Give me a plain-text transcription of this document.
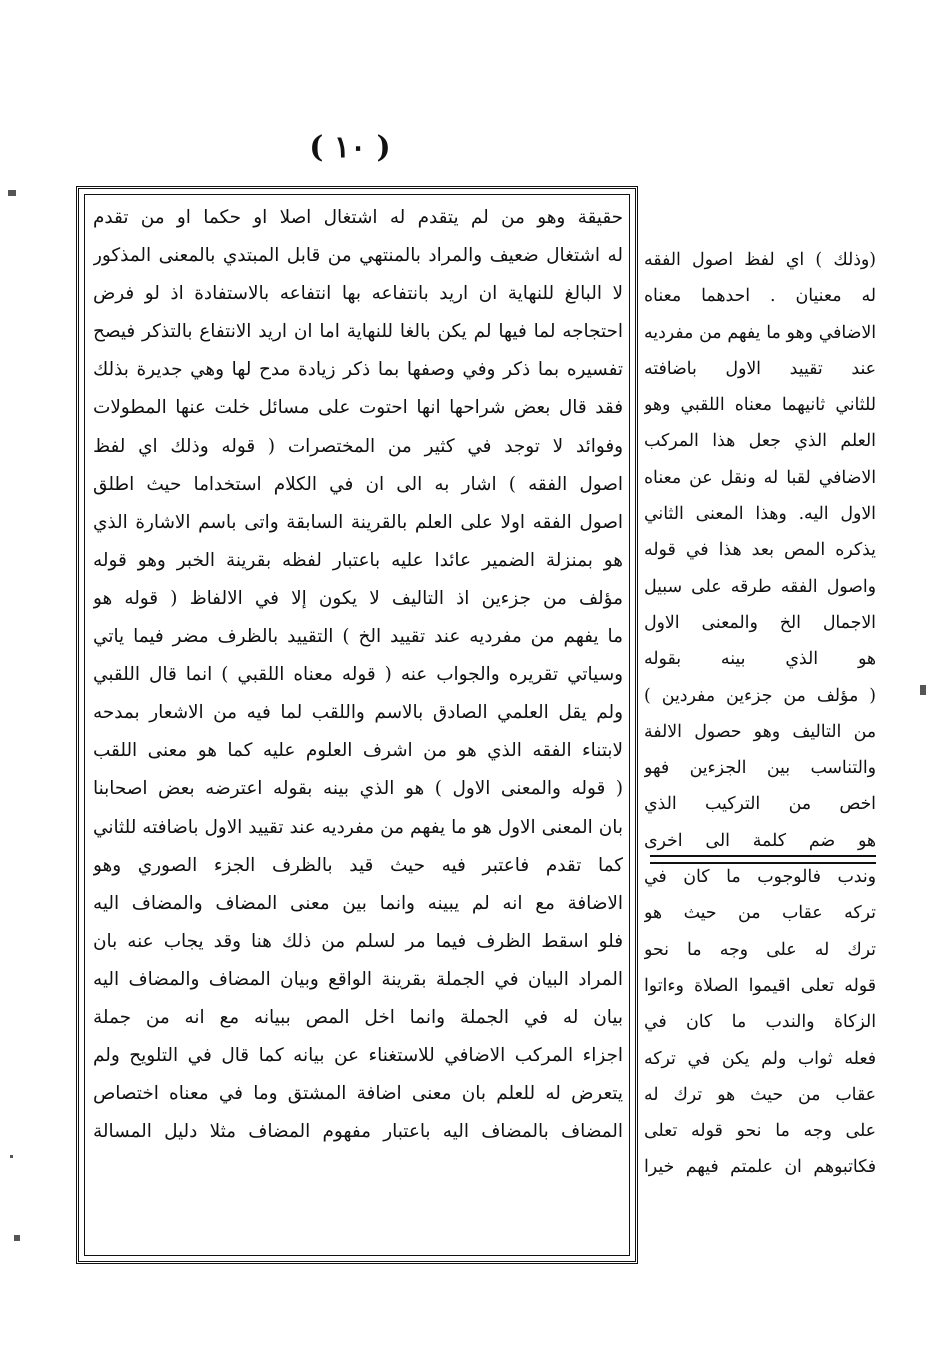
( ١٠ )
حقيقة وهو من لم يتقدم له اشتغال اصلا او حكما او من تقدم
له اشتغال ضعيف والمراد بالمنتهي من قابل المبتدي بالمعنى المذكور
لا البالغ للنهاية ان اريد بانتفاعه بها انتفاعه بالاستفادة اذ لو فرض
احتجاجه لما فيها لم يكن بالغا للنهاية اما ان اريد الانتفاع بالتذكر فيصح
تفسيره بما ذكر وفي وصفها بما ذكر زيادة مدح لها وهي جديرة بذلك
فقد قال بعض شراحها انها احتوت على مسائل خلت عنها المطولات
وفوائد لا توجد في كثير من المختصرات ( قوله وذلك اي لفظ
اصول الفقه ) اشار به الى ان في الكلام استخداما حيث اطلق
اصول الفقه اولا على العلم بالقرينة السابقة واتى باسم الاشارة الذي
هو بمنزلة الضمير عائدا عليه باعتبار لفظه بقرينة الخبر وهو قوله
مؤلف من جزءين اذ التاليف لا يكون إلا في الالفاظ ( قوله هو
ما يفهم من مفرديه عند تقييد الخ ) التقييد بالظرف مضر فيما ياتي
وسياتي تقريره والجواب عنه ( قوله معناه اللقبي ) انما قال اللقبي
ولم يقل العلمي الصادق بالاسم واللقب لما فيه من الاشعار بمدحه
لابتناء الفقه الذي هو من اشرف العلوم عليه كما هو معنى اللقب
( قوله والمعنى الاول ) هو الذي بينه بقوله اعترضه بعض اصحابنا
بان المعنى الاول هو ما يفهم من مفرديه عند تقييد الاول باضافته للثاني
كما تقدم فاعتبر فيه حيث قيد بالظرف الجزء الصوري وهو
الاضافة مع انه لم يبينه وانما بين معنى المضاف والمضاف اليه
فلو اسقط الظرف فيما مر لسلم من ذلك هنا وقد يجاب عنه بان
المراد البيان في الجملة بقرينة الواقع وبيان المضاف والمضاف اليه
بيان له في الجملة وانما اخل المص ببيانه مع انه من جملة
اجزاء المركب الاضافي للاستغناء عن بيانه كما قال في التلويح ولم
يتعرض له للعلم بان معنى اضافة المشتق وما في معناه اختصاص
المضاف بالمضاف اليه باعتبار مفهوم المضاف مثلا دليل المسالة
(وذلك ) اي لفظ اصول الفقه
له معنيان . احدهما معناه
الاضافي وهو ما يفهم من مفرديه
عند تقييد الاول باضافته
للثاني ثانيهما معناه اللقبي وهو
العلم الذي جعل هذا المركب
الاضافي لقبا له ونقل عن معناه
الاول اليه. وهذا المعنى الثاني
يذكره المص بعد هذا في قوله
واصول الفقه طرقه على سبيل
الاجمال الخ والمعنى الاول
هو الذي بينه بقوله
( مؤلف من جزءين مفردين )
من التاليف وهو حصول الالفة
والتناسب بين الجزءين فهو
اخص من التركيب الذي
هو ضم كلمة الى اخرى
وندب فالوجوب ما كان في
تركه عقاب من حيث هو
ترك له على وجه ما نحو
قوله تعلى اقيموا الصلاة وءاتوا
الزكاة والندب ما كان في
فعله ثواب ولم يكن في تركه
عقاب من حيث هو ترك له
على وجه ما نحو قوله تعلى
فكاتبوهم ان علمتم فيهم خيرا
